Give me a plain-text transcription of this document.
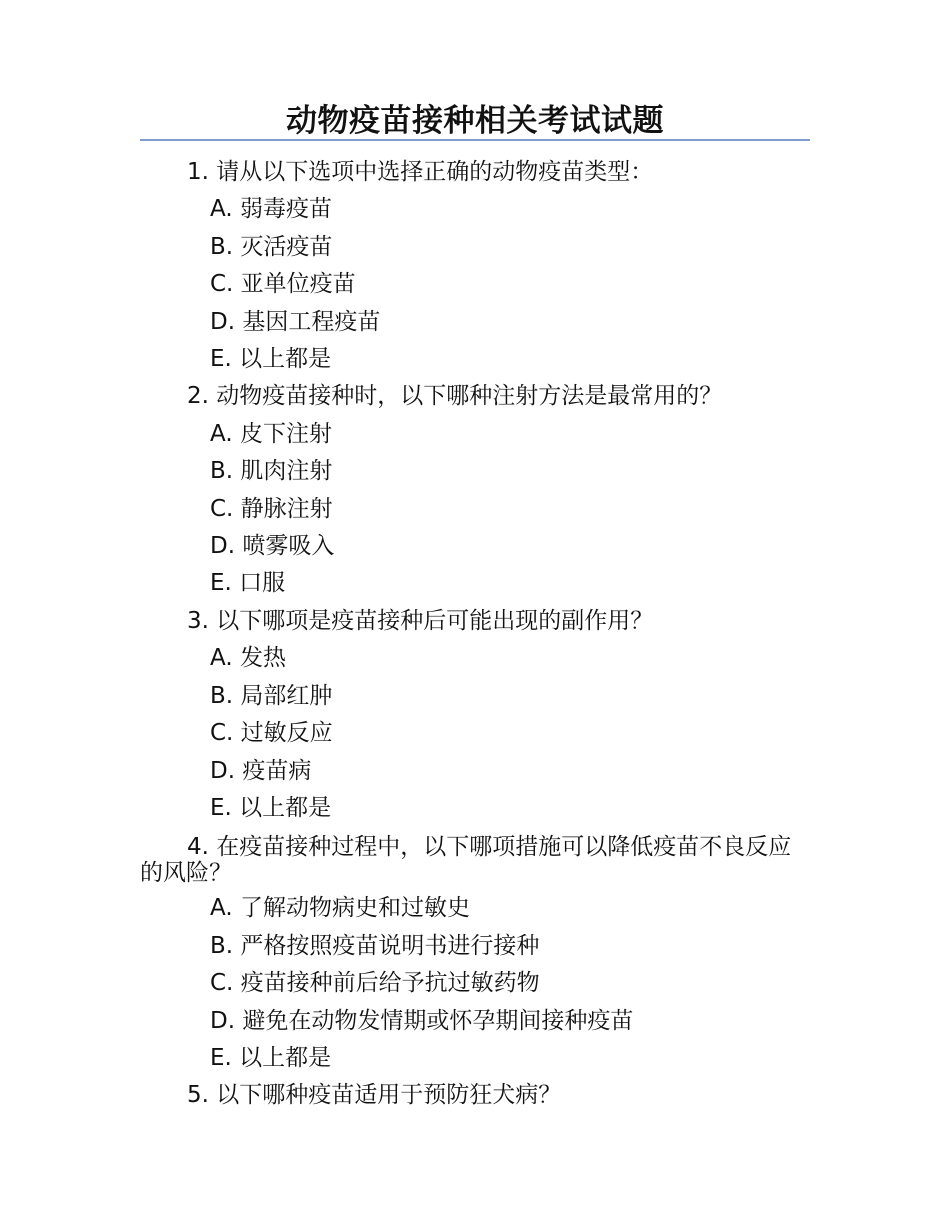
动物疫苗接种相关考试试题
1. 请从以下选项中选择正确的动物疫苗类型：
A. 弱毒疫苗
B. 灭活疫苗
C. 亚单位疫苗
D. 基因工程疫苗
E. 以上都是
2. 动物疫苗接种时，以下哪种注射方法是最常用的？
A. 皮下注射
B. 肌肉注射
C. 静脉注射
D. 喷雾吸入
E. 口服
3. 以下哪项是疫苗接种后可能出现的副作用？
A. 发热
B. 局部红肿
C. 过敏反应
D. 疫苗病
E. 以上都是
4. 在疫苗接种过程中，以下哪项措施可以降低疫苗不良反应的风险？
A. 了解动物病史和过敏史
B. 严格按照疫苗说明书进行接种
C. 疫苗接种前后给予抗过敏药物
D. 避免在动物发情期或怀孕期间接种疫苗
E. 以上都是
5. 以下哪种疫苗适用于预防狂犬病？
